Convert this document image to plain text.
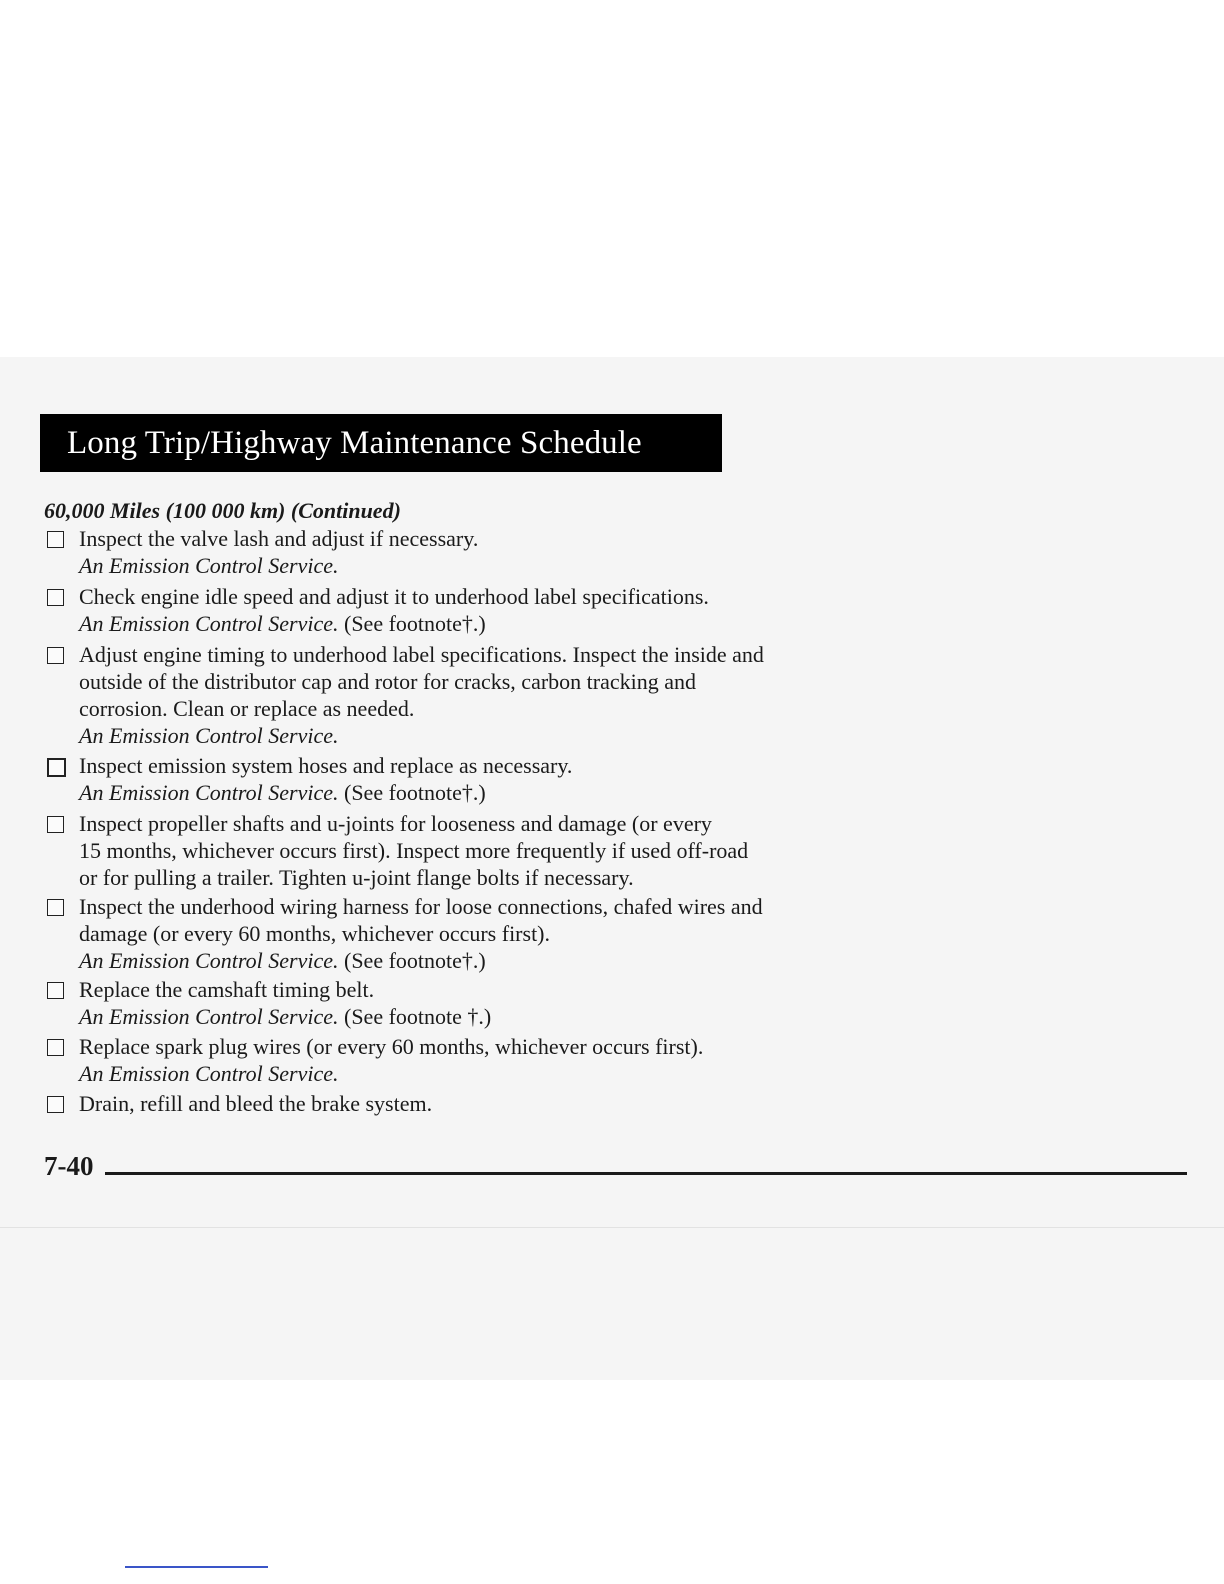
Long Trip/Highway Maintenance Schedule
60,000 Miles (100 000 km) (Continued)
Inspect the valve lash and adjust if necessary.
An Emission Control Service.
Check engine idle speed and adjust it to underhood label specifications.
An Emission Control Service. (See footnote†.)
Adjust engine timing to underhood label specifications. Inspect the inside and
outside of the distributor cap and rotor for cracks, carbon tracking and
corrosion. Clean or replace as needed.
An Emission Control Service.
Inspect emission system hoses and replace as necessary.
An Emission Control Service. (See footnote†.)
Inspect propeller shafts and u-joints for looseness and damage (or every
15 months, whichever occurs first). Inspect more frequently if used off-road
or for pulling a trailer. Tighten u-joint flange bolts if necessary.
Inspect the underhood wiring harness for loose connections, chafed wires and
damage (or every 60 months, whichever occurs first).
An Emission Control Service. (See footnote†.)
Replace the camshaft timing belt.
An Emission Control Service. (See footnote †.)
Replace spark plug wires (or every 60 months, whichever occurs first).
An Emission Control Service.
Drain, refill and bleed the brake system.
7-40
